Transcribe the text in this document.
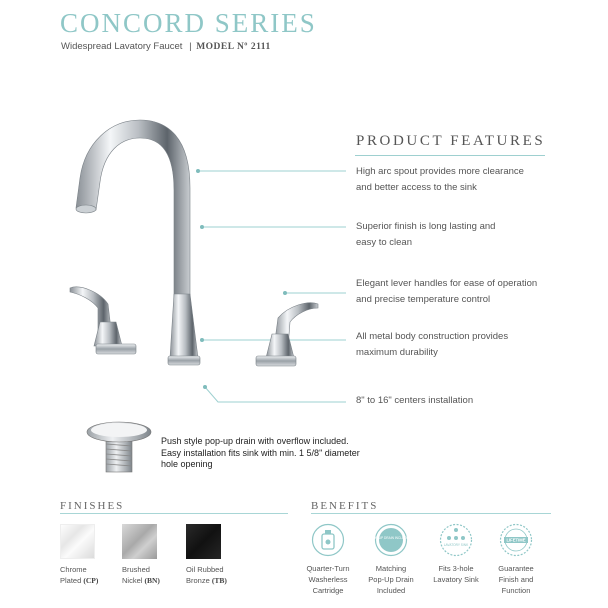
CONCORD SERIES
Widespread Lavatory Faucet | MODEL Nº 2111
PRODUCT FEATURES
High arc spout provides more clearance
and better access to the sink
Superior finish is long lasting and
easy to clean
Elegant lever handles for ease of operation
and precise temperature control
All metal body construction provides
maximum durability
8" to 16" centers installation
Push style pop-up drain with overflow included.
Easy installation fits sink with min. 1 5/8" diameter
hole opening
FINISHES
Chrome
Plated (CP)
Brushed
Nickel (BN)
Oil Rubbed
Bronze (TB)
BENEFITS
POP-UP DRAIN INCLUDED
LAVATORY SINK
LIFETIME
Quarter-Turn
Washerless
Cartridge
Matching
Pop-Up Drain
Included
Fits 3-hole
Lavatory Sink
Guarantee
Finish and
Function
